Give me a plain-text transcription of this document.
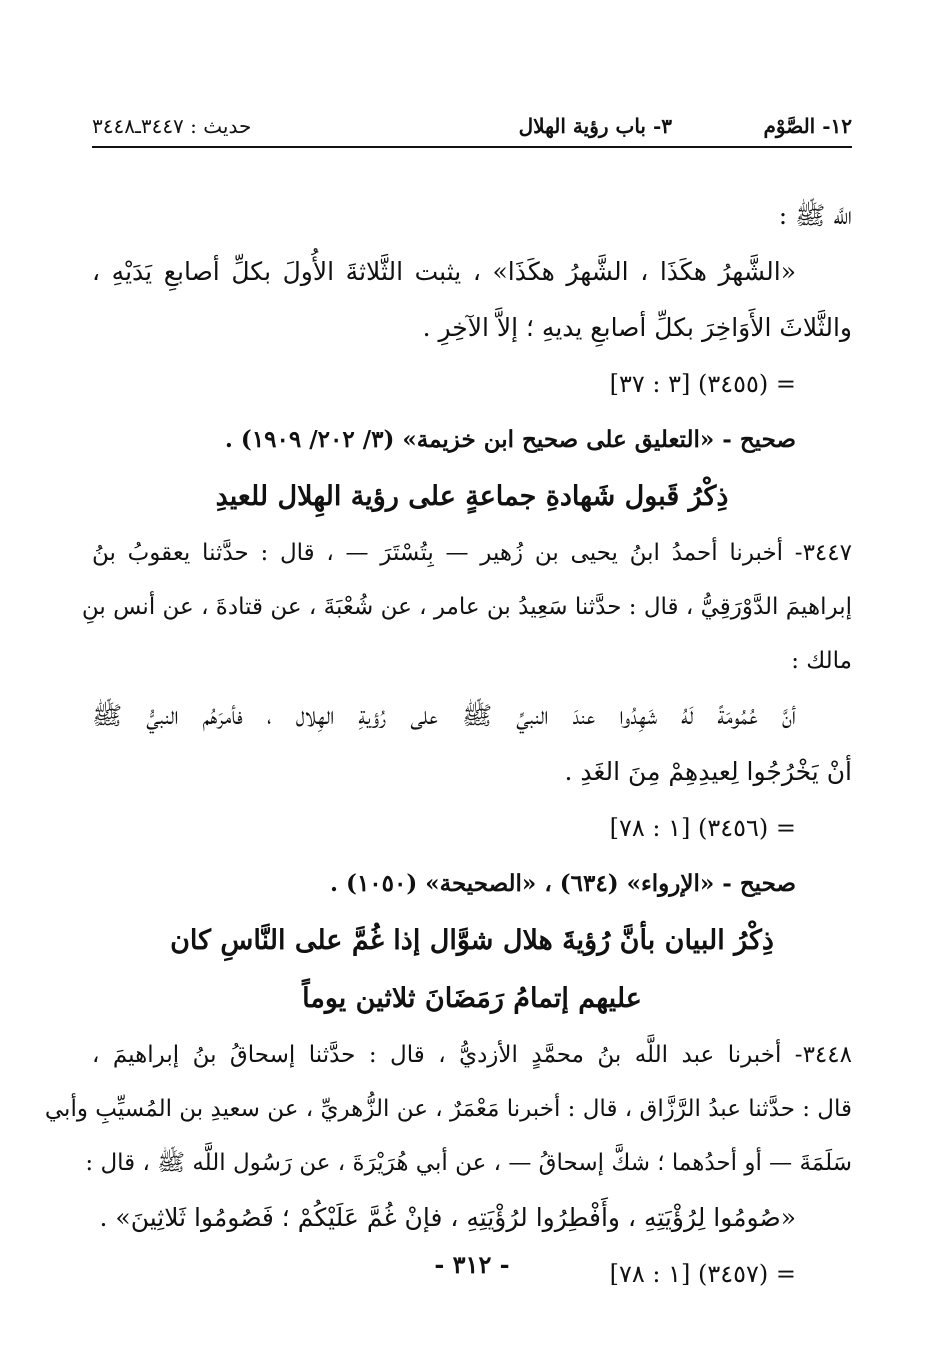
١٢- الصَّوْم
٣- باب رؤية الهلال
حديث : ٣٤٤٧ـ٣٤٤٨
اللَّه ﷺ :
«الشَّهرُ هكَذَا ، الشَّهرُ هكَذَا» ، يثبت الثَّلاثةَ الأُولَ بكلِّ أصابعِ يَدَيْهِ ،
والثَّلاثَ الأَوَاخِرَ بكلِّ أصابعِ يديهِ ؛ إلاَّ الآخِرِ .
= (٣٤٥٥) [٣ : ٣٧]
صحيح - «التعليق على صحيح ابن خزيمة» (٣/ ٢٠٢/ ١٩٠٩) .
ذِكْرُ قَبول شَهادةِ جماعةٍ على رؤية الهِلال للعيدِ
٣٤٤٧- أخبرنا أحمدُ ابنُ يحيى بن زُهير — بِتُسْتَرَ — ، قال : حدَّثنا يعقوبُ بنُ
إبراهيمَ الدَّوْرَقِيُّ ، قال : حدَّثنا سَعِيدُ بن عامر ، عن شُعْبَةَ ، عن قتادةَ ، عن أنس بنِ
مالك :
أنَّ عُمُومَةً لَهُ شَهِدُوا عندَ النبيِّ ﷺ على رُؤيةِ الهِلال ، فأمرَهُم النبيُّ ﷺ
أنْ يَخْرُجُوا لِعيدِهِمْ مِنَ الغَدِ .
= (٣٤٥٦) [١ : ٧٨]
صحيح - «الإرواء» (٦٣٤) ، «الصحيحة» (١٠٥٠) .
ذِكْرُ البيان بأنَّ رُؤيةَ هلال شوَّال إذا غُمَّ على النَّاسِ كان
عليهم إتمامُ رَمَضَانَ ثلاثين يوماً
٣٤٤٨- أخبرنا عبد اللَّه بنُ محمَّدٍ الأزديُّ ، قال : حدَّثنا إسحاقُ بنُ إبراهيمَ ،
قال : حدَّثنا عبدُ الرَّزَّاق ، قال : أخبرنا مَعْمَرٌ ، عن الزُّهريِّ ، عن سعيدِ بن المُسيِّبِ وأبي
سَلَمَةَ — أو أحدُهما ؛ شكَّ إسحاقُ — ، عن أبي هُرَيْرَةَ ، عن رَسُول اللَّه ﷺ ، قال :
«صُومُوا لِرُؤْيَتِهِ ، وأَفْطِرُوا لرُؤْيَتِهِ ، فإنْ غُمَّ عَلَيْكُمْ ؛ فَصُومُوا ثَلاثِينَ» .
= (٣٤٥٧) [١ : ٧٨]
- ٣١٢ -
